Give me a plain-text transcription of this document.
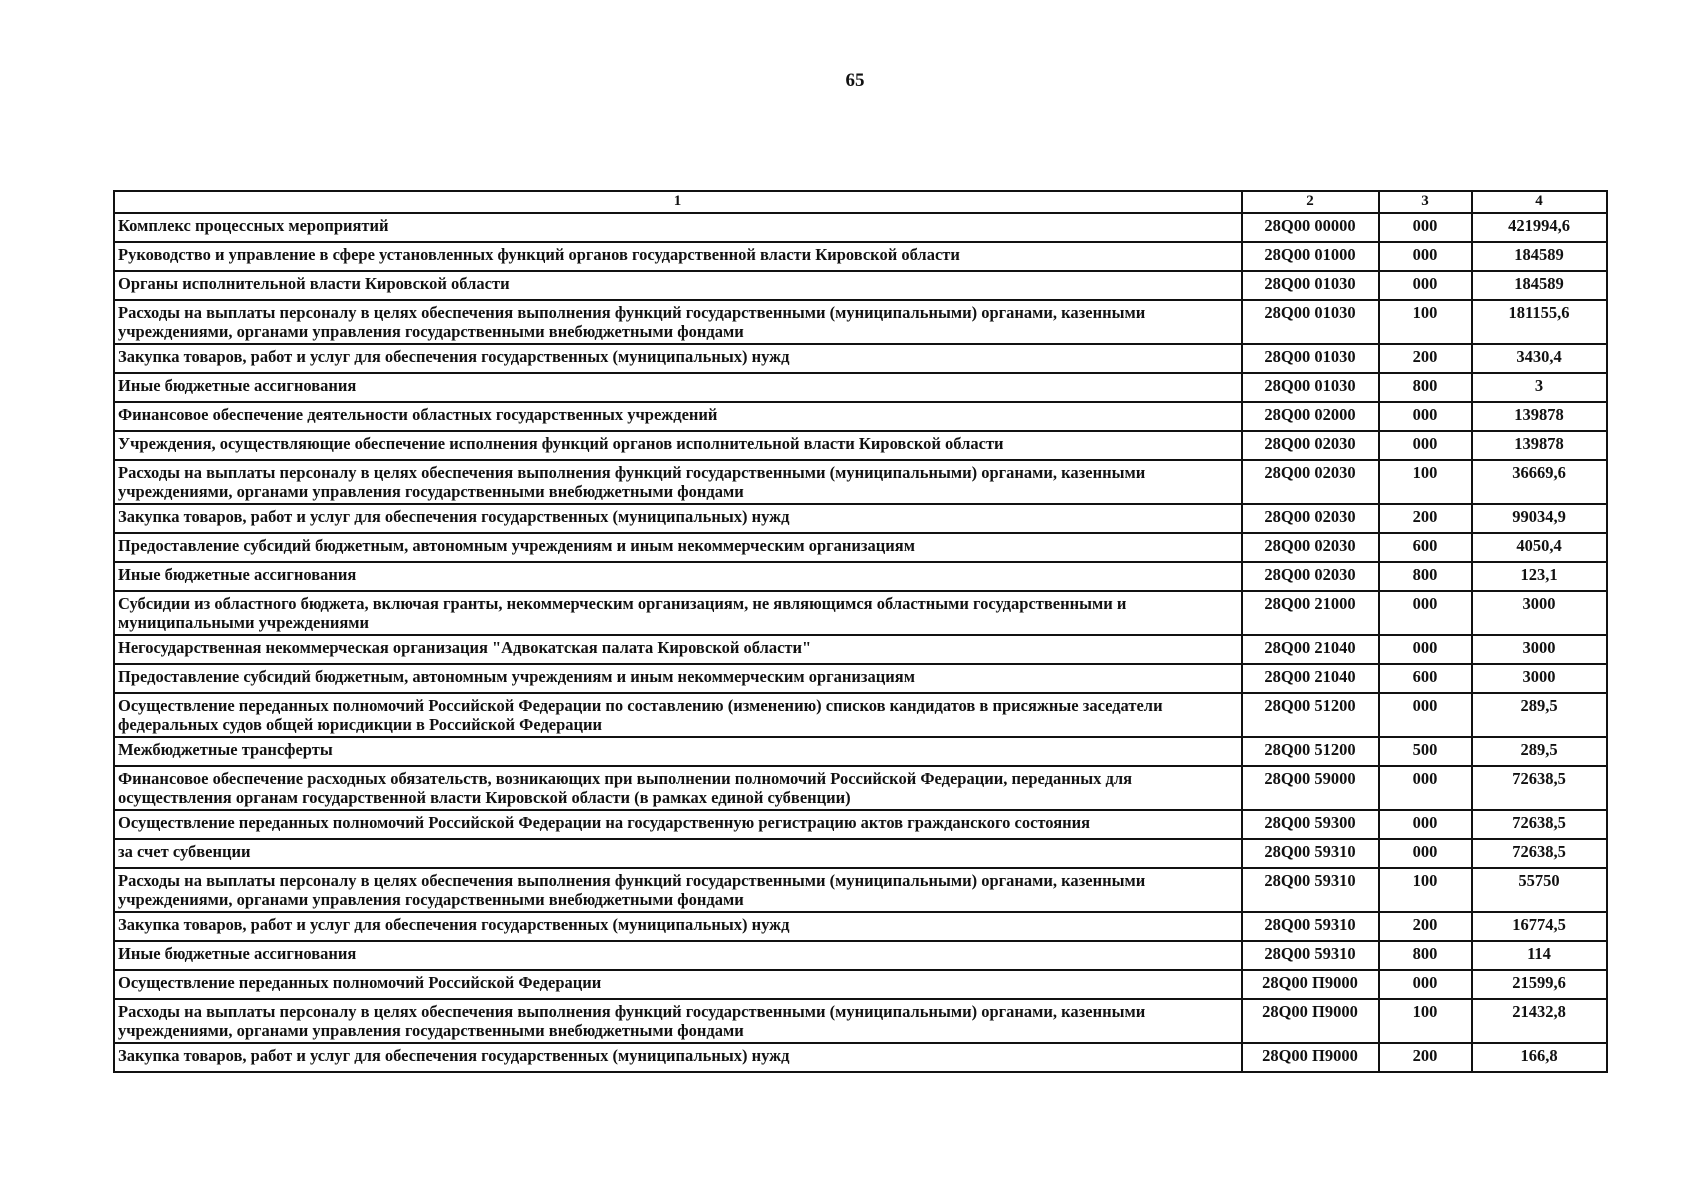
65
1	2	3	4
Комплекс процессных мероприятий	28Q00 00000	000	421994,6
Руководство и управление в сфере установленных функций органов государственной власти Кировской области	28Q00 01000	000	184589
Органы исполнительной власти Кировской области	28Q00 01030	000	184589
Расходы на выплаты персоналу в целях обеспечения выполнения функций государственными (муниципальными) органами, казенными учреждениями, органами управления государственными внебюджетными фондами	28Q00 01030	100	181155,6
Закупка товаров, работ и услуг для обеспечения государственных (муниципальных) нужд	28Q00 01030	200	3430,4
Иные бюджетные ассигнования	28Q00 01030	800	3
Финансовое обеспечение деятельности областных государственных учреждений	28Q00 02000	000	139878
Учреждения, осуществляющие обеспечение исполнения функций органов исполнительной власти Кировской области	28Q00 02030	000	139878
Расходы на выплаты персоналу в целях обеспечения выполнения функций государственными (муниципальными) органами, казенными учреждениями, органами управления государственными внебюджетными фондами	28Q00 02030	100	36669,6
Закупка товаров, работ и услуг для обеспечения государственных (муниципальных) нужд	28Q00 02030	200	99034,9
Предоставление субсидий бюджетным, автономным учреждениям и иным некоммерческим организациям	28Q00 02030	600	4050,4
Иные бюджетные ассигнования	28Q00 02030	800	123,1
Субсидии из областного бюджета, включая гранты, некоммерческим организациям, не являющимся областными государственными и муниципальными учреждениями	28Q00 21000	000	3000
Негосударственная некоммерческая организация "Адвокатская палата Кировской области"	28Q00 21040	000	3000
Предоставление субсидий бюджетным, автономным учреждениям и иным некоммерческим организациям	28Q00 21040	600	3000
Осуществление переданных полномочий Российской Федерации по составлению (изменению) списков кандидатов в присяжные заседатели федеральных судов общей юрисдикции в Российской Федерации	28Q00 51200	000	289,5
Межбюджетные трансферты	28Q00 51200	500	289,5
Финансовое обеспечение расходных обязательств, возникающих при выполнении полномочий Российской Федерации, переданных для осуществления органам государственной власти Кировской области (в рамках единой субвенции)	28Q00 59000	000	72638,5
Осуществление переданных полномочий Российской Федерации на государственную регистрацию актов гражданского состояния	28Q00 59300	000	72638,5
за счет субвенции	28Q00 59310	000	72638,5
Расходы на выплаты персоналу в целях обеспечения выполнения функций государственными (муниципальными) органами, казенными учреждениями, органами управления государственными внебюджетными фондами	28Q00 59310	100	55750
Закупка товаров, работ и услуг для обеспечения государственных (муниципальных) нужд	28Q00 59310	200	16774,5
Иные бюджетные ассигнования	28Q00 59310	800	114
Осуществление переданных полномочий Российской Федерации	28Q00 П9000	000	21599,6
Расходы на выплаты персоналу в целях обеспечения выполнения функций государственными (муниципальными) органами, казенными учреждениями, органами управления государственными внебюджетными фондами	28Q00 П9000	100	21432,8
Закупка товаров, работ и услуг для обеспечения государственных (муниципальных) нужд	28Q00 П9000	200	166,8
